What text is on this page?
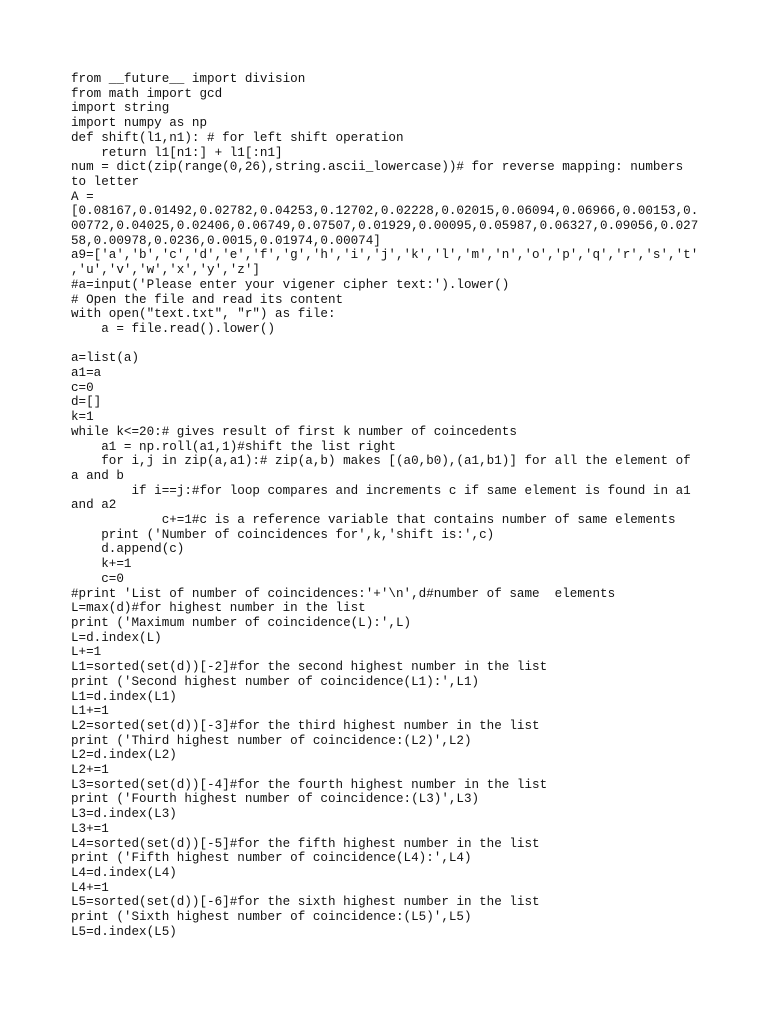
from __future__ import division
from math import gcd
import string
import numpy as np
def shift(l1,n1): # for left shift operation
return l1[n1:] + l1[:n1]
num = dict(zip(range(0,26),string.ascii_lowercase))# for reverse mapping: numbers
to letter
A =
[0.08167,0.01492,0.02782,0.04253,0.12702,0.02228,0.02015,0.06094,0.06966,0.00153,0.
00772,0.04025,0.02406,0.06749,0.07507,0.01929,0.00095,0.05987,0.06327,0.09056,0.027
58,0.00978,0.0236,0.0015,0.01974,0.00074]
a9=['a','b','c','d','e','f','g','h','i','j','k','l','m','n','o','p','q','r','s','t'
,'u','v','w','x','y','z']
#a=input('Please enter your vigener cipher text:').lower()
# Open the file and read its content
with open("text.txt", "r") as file:
a = file.read().lower()
a=list(a)
a1=a
c=0
d=[]
k=1
while k<=20:# gives result of first k number of coincedents
a1 = np.roll(a1,1)#shift the list right
for i,j in zip(a,a1):# zip(a,b) makes [(a0,b0),(a1,b1)] for all the element of
a and b
if i==j:#for loop compares and increments c if same element is found in a1
and a2
c+=1#c is a reference variable that contains number of same elements
print ('Number of coincidences for',k,'shift is:',c)
d.append(c)
k+=1
c=0
#print 'List of number of coincidences:'+'\n',d#number of same  elements
L=max(d)#for highest number in the list
print ('Maximum number of coincidence(L):',L)
L=d.index(L)
L+=1
L1=sorted(set(d))[-2]#for the second highest number in the list
print ('Second highest number of coincidence(L1):',L1)
L1=d.index(L1)
L1+=1
L2=sorted(set(d))[-3]#for the third highest number in the list
print ('Third highest number of coincidence:(L2)',L2)
L2=d.index(L2)
L2+=1
L3=sorted(set(d))[-4]#for the fourth highest number in the list
print ('Fourth highest number of coincidence:(L3)',L3)
L3=d.index(L3)
L3+=1
L4=sorted(set(d))[-5]#for the fifth highest number in the list
print ('Fifth highest number of coincidence(L4):',L4)
L4=d.index(L4)
L4+=1
L5=sorted(set(d))[-6]#for the sixth highest number in the list
print ('Sixth highest number of coincidence:(L5)',L5)
L5=d.index(L5)
